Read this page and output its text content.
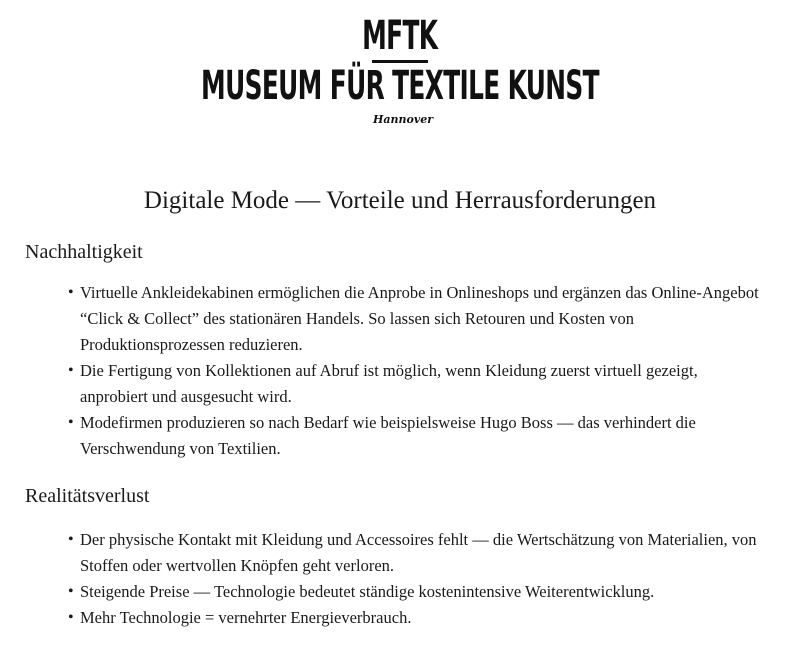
MFTK
MUSEUM FÜR TEXTILE KUNST
Hannover
Digitale Mode — Vorteile und Herrausforderungen
Nachhaltigkeit
• Virtuelle Ankleidekabinen ermöglichen die Anprobe in Onlineshops und ergänzen das Online-Angebot “Click & Collect” des stationären Handels. So lassen sich Retouren und Kosten von Produktionsprozessen reduzieren.
• Die Fertigung von Kollektionen auf Abruf ist möglich, wenn Kleidung zuerst virtuell gezeigt, anprobiert und ausgesucht wird.
• Modefirmen produzieren so nach Bedarf wie beispielsweise Hugo Boss — das verhindert die Verschwendung von Textilien.
Realitätsverlust
• Der physische Kontakt mit Kleidung und Accessoires fehlt — die Wertschätzung von Materialien, von Stoffen oder wertvollen Knöpfen geht verloren.
• Steigende Preise — Technologie bedeutet ständige kostenintensive Weiterentwicklung.
• Mehr Technologie = vernehrter Energieverbrauch.
